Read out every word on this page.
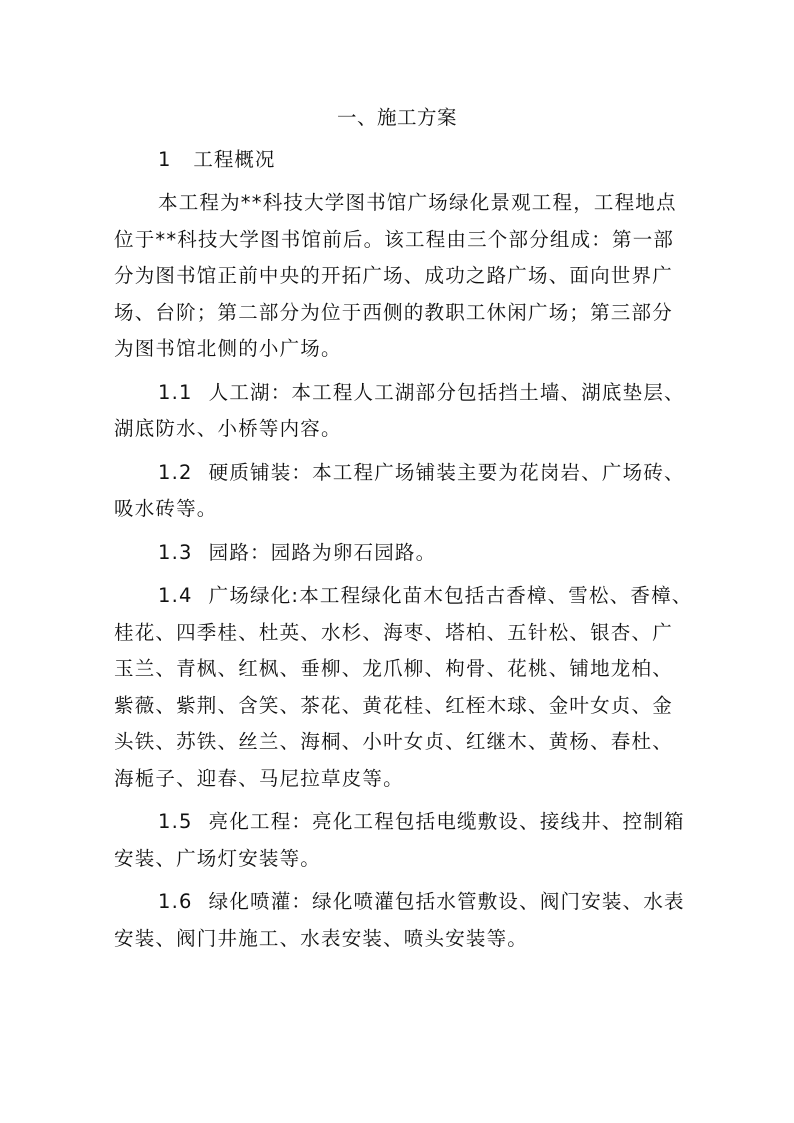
一、施工方案
1 工程概况
本工程为**科技大学图书馆广场绿化景观工程，工程地点
位于**科技大学图书馆前后。该工程由三个部分组成：第一部
分为图书馆正前中央的开拓广场、成功之路广场、面向世界广
场、台阶；第二部分为位于西侧的教职工休闲广场；第三部分
为图书馆北侧的小广场。
1.1 人工湖：本工程人工湖部分包括挡土墙、湖底垫层、
湖底防水、小桥等内容。
1.2 硬质铺装：本工程广场铺装主要为花岗岩、广场砖、
吸水砖等。
1.3 园路：园路为卵石园路。
1.4 广场绿化:本工程绿化苗木包括古香樟、雪松、香樟、
桂花、四季桂、杜英、水杉、海枣、塔柏、五针松、银杏、广
玉兰、青枫、红枫、垂柳、龙爪柳、枸骨、花桃、铺地龙柏、
紫薇、紫荆、含笑、茶花、黄花桂、红桎木球、金叶女贞、金
头铁、苏铁、丝兰、海桐、小叶女贞、红继木、黄杨、春杜、
海栀子、迎春、马尼拉草皮等。
1.5 亮化工程：亮化工程包括电缆敷设、接线井、控制箱
安装、广场灯安装等。
1.6 绿化喷灌：绿化喷灌包括水管敷设、阀门安装、水表
安装、阀门井施工、水表安装、喷头安装等。
